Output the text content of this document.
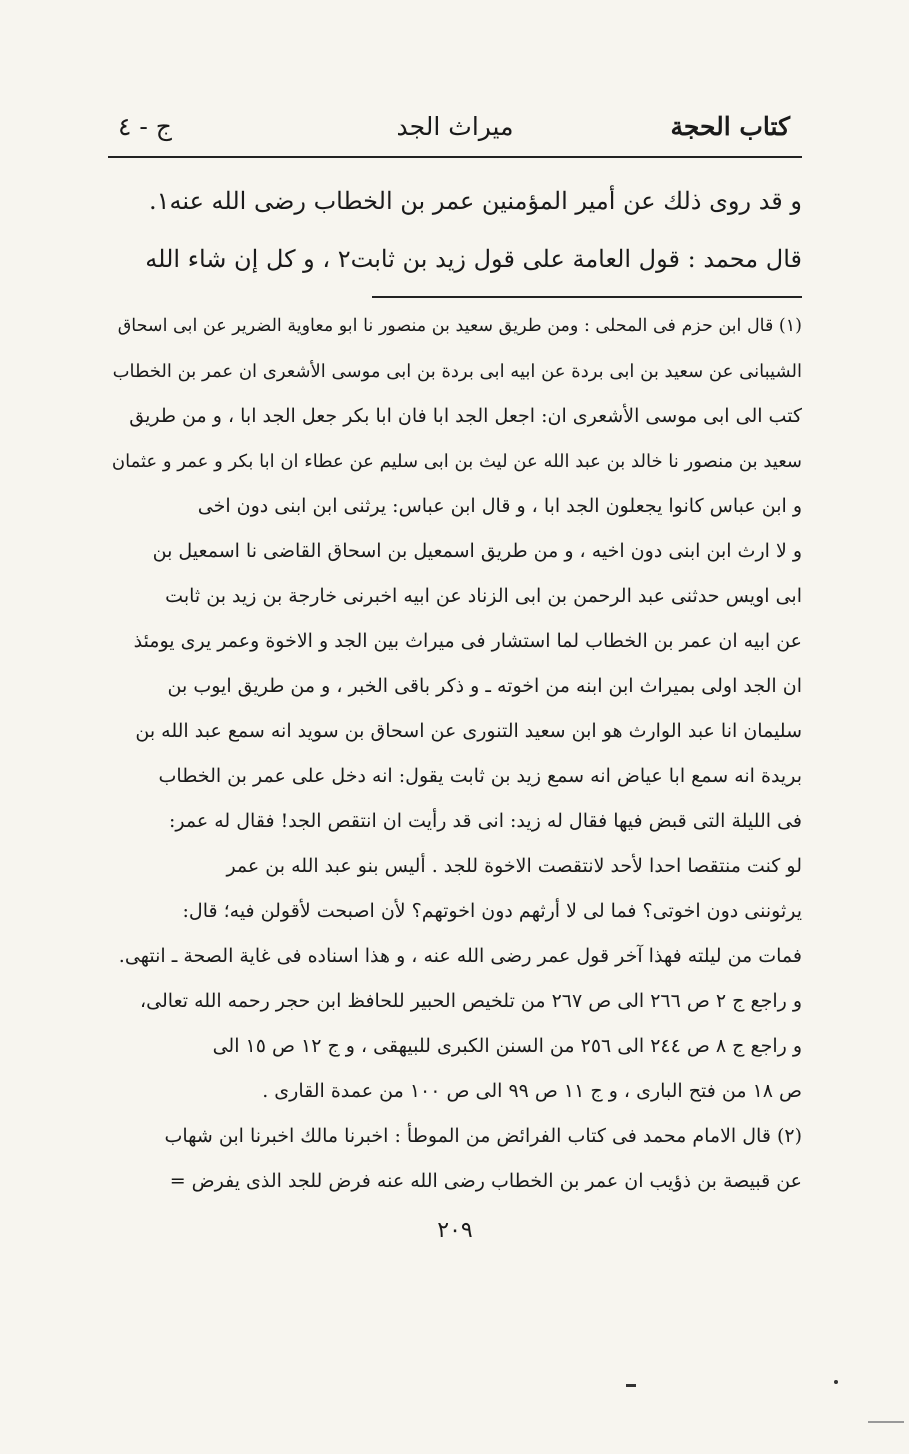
كتاب الحجة
ميراث الجد
ج - ٤

و قد روى ذلك عن أمير المؤمنين عمر بن الخطاب رضى الله عنه١.

قال محمد : قول العامة على قول زيد بن ثابت٢ ، و كل إن شاء الله

(١) قال ابن حزم فى المحلى : ومن طريق سعيد بن منصور نا ابو معاوية الضرير عن ابى اسحاق

الشيبانى عن سعيد بن ابى بردة عن ابيه ابى بردة بن ابى موسى الأشعرى ان عمر بن الخطاب

كتب الى ابى موسى الأشعرى ان: اجعل الجد ابا فان ابا بكر جعل الجد ابا ، و من طريق

سعيد بن منصور نا خالد بن عبد الله عن ليث بن ابى سليم عن عطاء ان ابا بكر و عمر و عثمان

و ابن عباس كانوا يجعلون الجد ابا ، و قال ابن عباس: يرثنى ابن ابنى دون اخى

و لا ارث ابن ابنى دون اخيه ، و من طريق اسمعيل بن اسحاق القاضى نا اسمعيل بن

ابى اويس حدثنى عبد الرحمن بن ابى الزناد عن ابيه اخبرنى خارجة بن زيد بن ثابت

عن ابيه ان عمر بن الخطاب لما استشار فى ميراث بين الجد و الاخوة وعمر يرى يومئذ

ان الجد اولى بميراث ابن ابنه من اخوته ـ و ذكر باقى الخبر ، و من طريق ايوب بن

سليمان انا عبد الوارث هو ابن سعيد التنورى عن اسحاق بن سويد انه سمع عبد الله بن

بريدة انه سمع ابا عياض انه سمع زيد بن ثابت يقول: انه دخل على عمر بن الخطاب

فى الليلة التى قبض فيها فقال له زيد: انى قد رأيت ان انتقص الجد! فقال له عمر:

لو كنت منتقصا احدا لأحد لانتقصت الاخوة للجد . أليس بنو عبد الله بن عمر

يرثوننى دون اخوتى؟ فما لى لا أرثهم دون اخوتهم؟ لأن اصبحت لأقولن فيه؛ قال:

فمات من ليلته فهذا آخر قول عمر رضى الله عنه ، و هذا اسناده فى غاية الصحة ـ انتهى.

و راجع ج ٢ ص ٢٦٦ الى ص ٢٦٧ من تلخيص الحبير للحافظ ابن حجر رحمه الله تعالى،

و راجع ج ٨ ص ٢٤٤ الى ٢٥٦ من السنن الكبرى للبيهقى ، و ج ١٢ ص ١٥ الى

ص ١٨ من فتح البارى ، و ج ١١ ص ٩٩ الى ص ١٠٠ من عمدة القارى .

(٢) قال الامام محمد فى كتاب الفرائض من الموطأ : اخبرنا مالك اخبرنا ابن شهاب

عن قبيصة بن ذؤيب ان عمر بن الخطاب رضى الله عنه فرض للجد الذى يفرض =

٢٠٩
